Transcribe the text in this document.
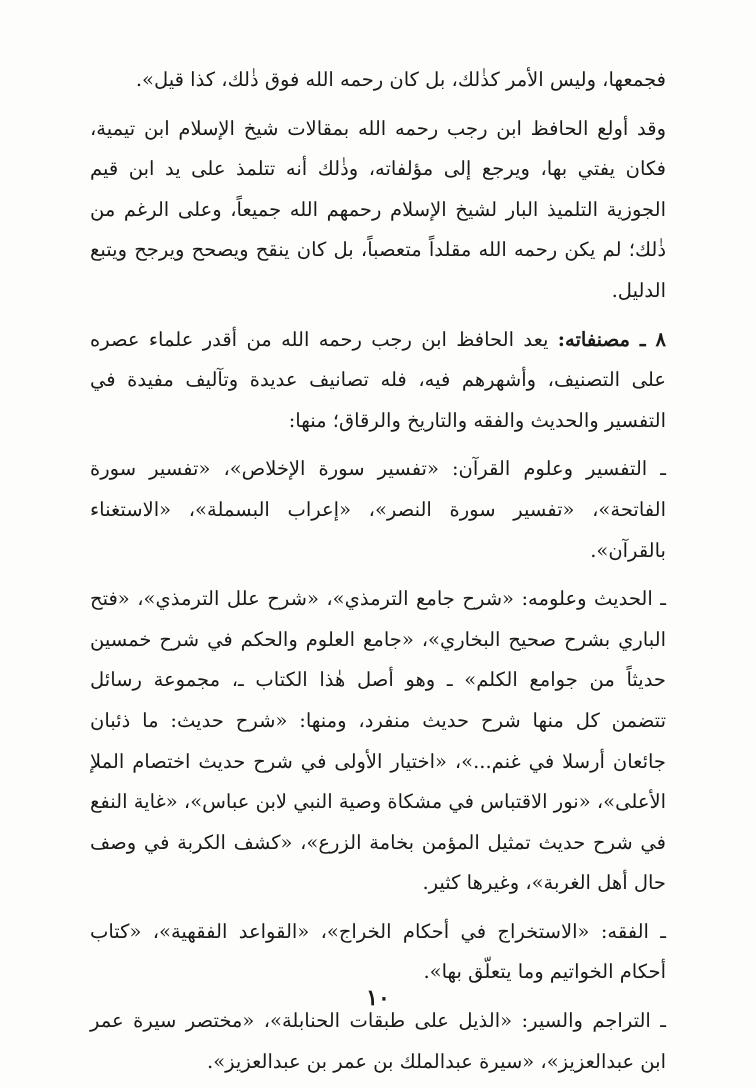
فجمعها، وليس الأمر كذٰلك، بل كان رحمه الله فوق ذٰلك، كذا قيل».

وقد أولع الحافظ ابن رجب رحمه الله بمقالات شيخ الإسلام ابن تيمية، فكان يفتي بها، ويرجع إلى مؤلفاته، وذٰلك أنه تتلمذ على يد ابن قيم الجوزية التلميذ البار لشيخ الإسلام رحمهم الله جميعاً، وعلى الرغم من ذٰلك؛ لم يكن رحمه الله مقلداً متعصباً، بل كان ينقح ويصحح ويرجح ويتبع الدليل.

٨ ـ مصنفاته: يعد الحافظ ابن رجب رحمه الله من أقدر علماء عصره على التصنيف، وأشهرهم فيه، فله تصانيف عديدة وتآليف مفيدة في التفسير والحديث والفقه والتاريخ والرقاق؛ منها:

ـ التفسير وعلوم القرآن: «تفسير سورة الإخلاص»، «تفسير سورة الفاتحة»، «تفسير سورة النصر»، «إعراب البسملة»، «الاستغناء بالقرآن».

ـ الحديث وعلومه: «شرح جامع الترمذي»، «شرح علل الترمذي»، «فتح الباري بشرح صحيح البخاري»، «جامع العلوم والحكم في شرح خمسين حديثاً من جوامع الكلم» ـ وهو أصل هٰذا الكتاب ـ، مجموعة رسائل تتضمن كل منها شرح حديث منفرد، ومنها: «شرح حديث: ما ذئبان جائعان أرسلا في غنم...»، «اختيار الأولى في شرح حديث اختصام الملإ الأعلى»، «نور الاقتباس في مشكاة وصية النبي لابن عباس»، «غاية النفع في شرح حديث تمثيل المؤمن بخامة الزرع»، «كشف الكربة في وصف حال أهل الغربة»، وغيرها كثير.

ـ الفقه: «الاستخراج في أحكام الخراج»، «القواعد الفقهية»، «كتاب أحكام الخواتيم وما يتعلّق بها».

ـ التراجم والسير: «الذيل على طبقات الحنابلة»، «مختصر سيرة عمر ابن عبدالعزيز»، «سيرة عبدالملك بن عمر بن عبدالعزيز».

١٠
